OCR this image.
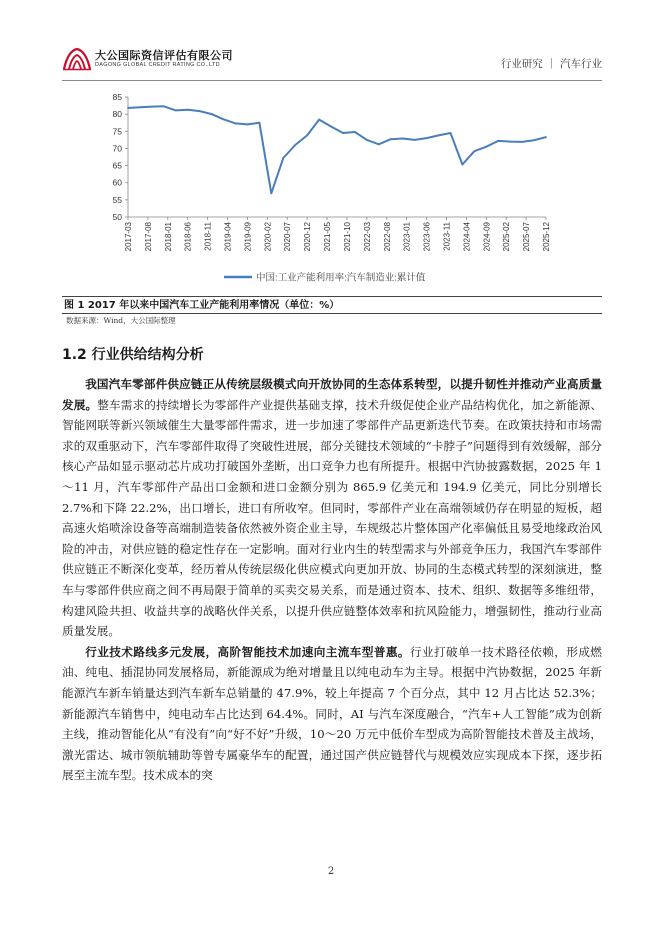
大公国际资信评估有限公司
DAGONG GLOBAL CREDIT RATING CO.,LTD	行业研究 ｜ 汽车行业
50
55
60
65
70
75
80
85
2017-03 2017-08 2018-01 2018-06 2018-11 2019-04 2019-09 2020-02 2020-07 2020-12 2021-05 2021-10 2022-03 2022-08 2023-01 2023-06 2023-11 2024-04 2024-09 2025-02 2025-07 2025-12
中国:工业产能利用率:汽车制造业:累计值
图 1 2017 年以来中国汽车工业产能利用率情况（单位：%）
数据来源：Wind，大公国际整理
1.2 行业供给结构分析

我国汽车零部件供应链正从传统层级模式向开放协同的生态体系转型，以提升韧性并推动产业高质量发展。整车需求的持续增长为零部件产业提供基础支撑，技术升级促使企业产品结构优化，加之新能源、智能网联等新兴领域催生大量零部件需求，进一步加速了零部件产品更新迭代节奏。在政策扶持和市场需求的双重驱动下，汽车零部件取得了突破性进展，部分关键技术领域的“卡脖子”问题得到有效缓解，部分核心产品如显示驱动芯片成功打破国外垄断，出口竞争力也有所提升。根据中汽协披露数据，2025 年 1～11 月，汽车零部件产品出口金额和进口金额分别为 865.9 亿美元和 194.9 亿美元，同比分别增长 2.7%和下降 22.2%，出口增长，进口有所收窄。但同时，零部件产业在高端领域仍存在明显的短板，超高速火焰喷涂设备等高端制造装备依然被外资企业主导，车规级芯片整体国产化率偏低且易受地缘政治风险的冲击，对供应链的稳定性存在一定影响。面对行业内生的转型需求与外部竞争压力，我国汽车零部件供应链正不断深化变革，经历着从传统层级化供应模式向更加开放、协同的生态模式转型的深刻演进，整车与零部件供应商之间不再局限于简单的买卖交易关系，而是通过资本、技术、组织、数据等多维纽带，构建风险共担、收益共享的战略伙伴关系，以提升供应链整体效率和抗风险能力，增强韧性，推动行业高质量发展。

行业技术路线多元发展，高阶智能技术加速向主流车型普惠。行业打破单一技术路径依赖，形成燃油、纯电、插混协同发展格局，新能源成为绝对增量且以纯电动车为主导。根据中汽协数据，2025 年新能源汽车新车销量达到汽车新车总销量的 47.9%，较上年提高 7 个百分点，其中 12 月占比达 52.3%；新能源汽车销售中，纯电动车占比达到 64.4%。同时，AI 与汽车深度融合，“汽车+人工智能”成为创新主线，推动智能化从“有没有”向“好不好”升级，10～20 万元中低价车型成为高阶智能技术普及主战场，激光雷达、城市领航辅助等曾专属豪华车的配置，通过国产供应链替代与规模效应实现成本下探，逐步拓展至主流车型。技术成本的突

2
